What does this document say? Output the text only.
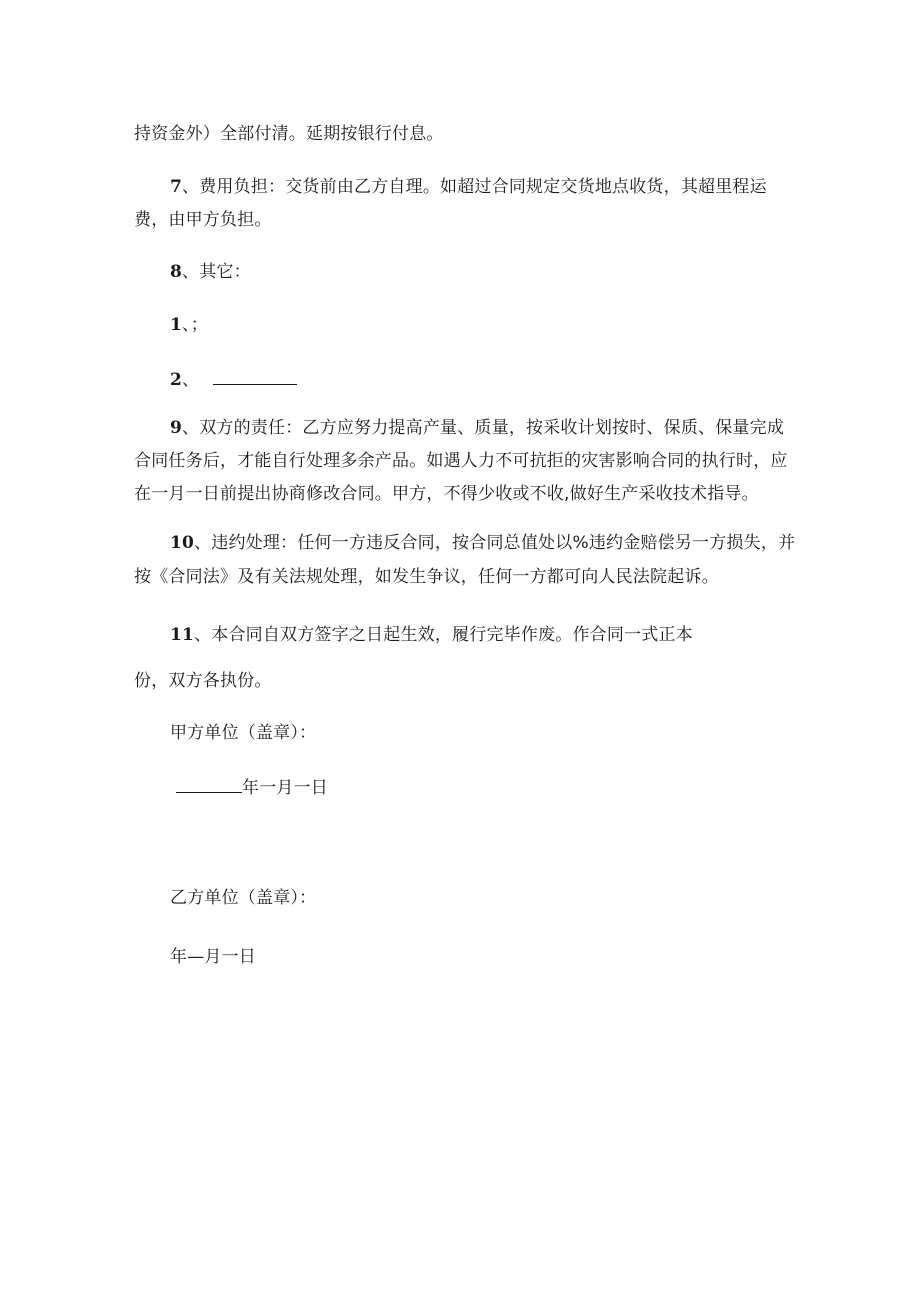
持资金外）全部付清。延期按银行付息。
7、费用负担：交货前由乙方自理。如超过合同规定交货地点收货，其超里程运
费，由甲方负担。
8、其它：
1、；
2、
9、双方的责任：乙方应努力提高产量、质量，按采收计划按时、保质、保量完成
合同任务后，才能自行处理多余产品。如遇人力不可抗拒的灾害影响合同的执行时，应
在一月一日前提出协商修改合同。甲方，不得少收或不收,做好生产采收技术指导。
10、违约处理：任何一方违反合同，按合同总值处以%违约金赔偿另一方损失，并
按《合同法》及有关法规处理，如发生争议，任何一方都可向人民法院起诉。
11、本合同自双方签字之日起生效，履行完毕作废。作合同一式正本
份，双方各执份。
甲方单位（盖章）：
年一月一日
乙方单位（盖章）：
年—月一日
